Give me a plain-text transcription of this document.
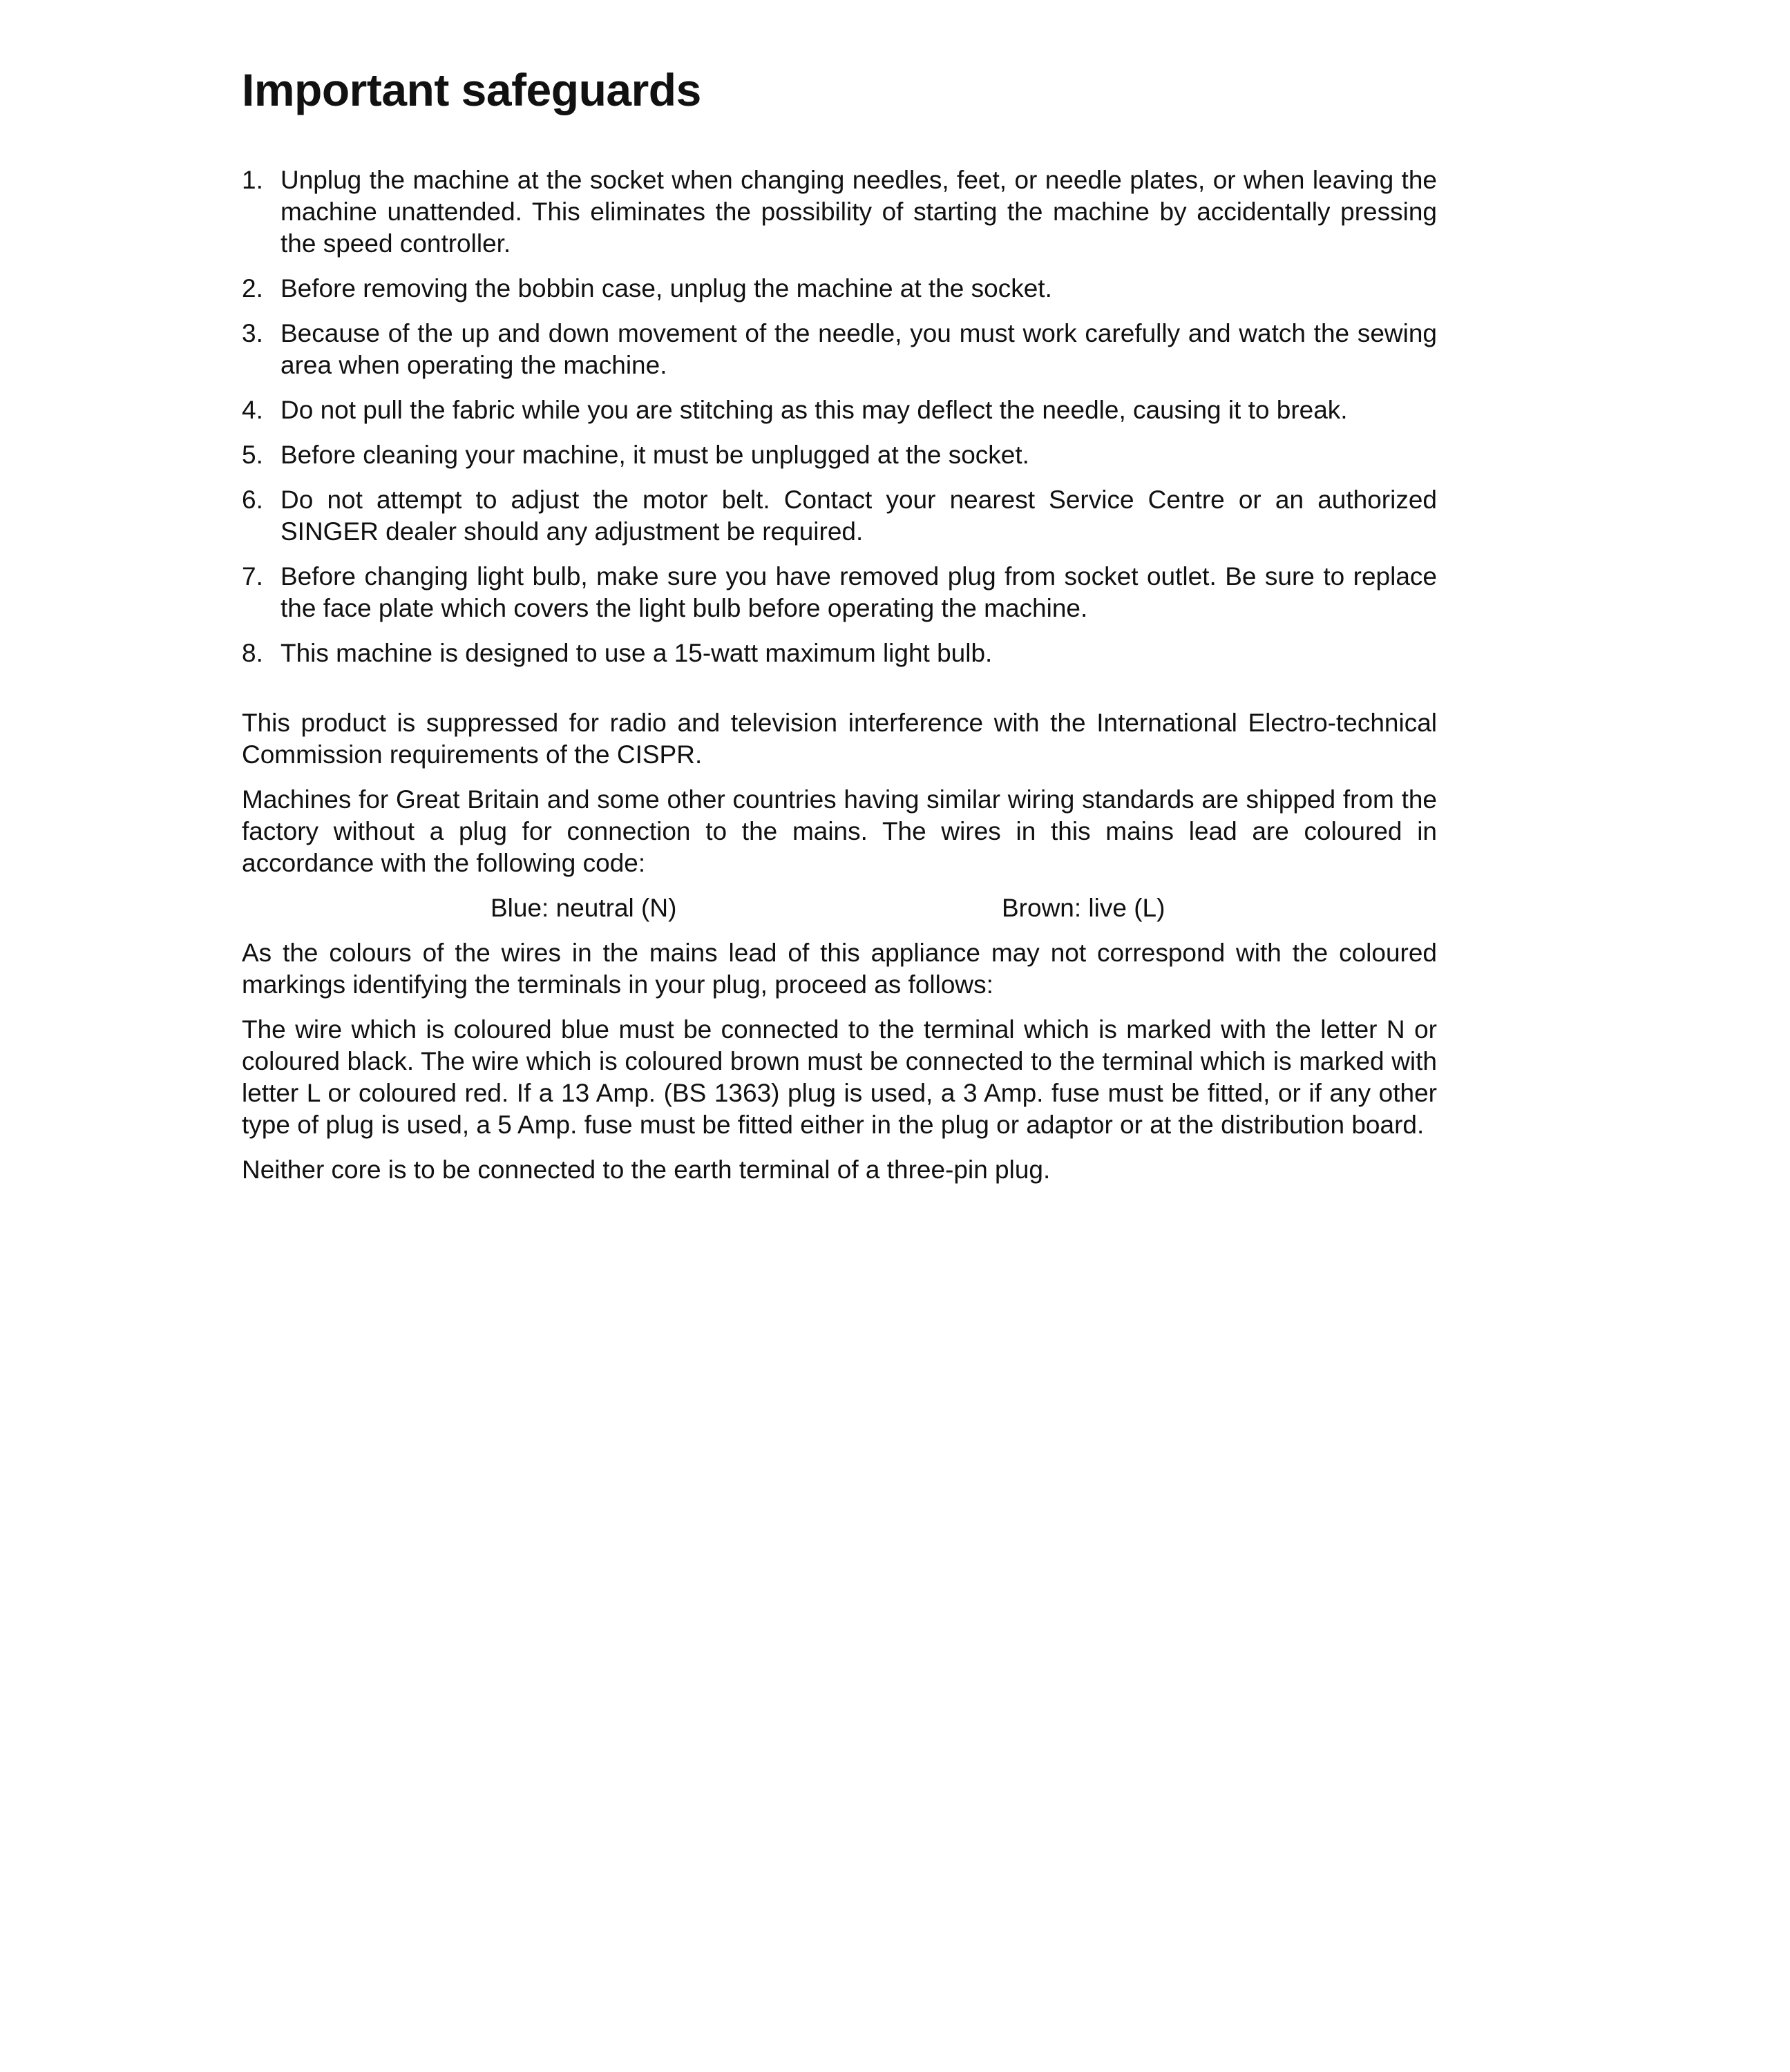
Important safeguards
1. Unplug the machine at the socket when changing needles, feet, or needle plates, or when leaving the machine unattended. This eliminates the possibility of starting the machine by accidentally pressing the speed controller.
2. Before removing the bobbin case, unplug the machine at the socket.
3. Because of the up and down movement of the needle, you must work carefully and watch the sewing area when operating the machine.
4. Do not pull the fabric while you are stitching as this may deflect the needle, causing it to break.
5. Before cleaning your machine, it must be unplugged at the socket.
6. Do not attempt to adjust the motor belt. Contact your nearest Service Centre or an authorized SINGER dealer should any adjustment be required.
7. Before changing light bulb, make sure you have removed plug from socket outlet. Be sure to replace the face plate which covers the light bulb before operating the machine.
8. This machine is designed to use a 15-watt maximum light bulb.

This product is suppressed for radio and television interference with the International Electro-technical Commission requirements of the CISPR.

Machines for Great Britain and some other countries having similar wiring standards are shipped from the factory without a plug for connection to the mains. The wires in this mains lead are coloured in accordance with the following code:

Blue: neutral (N)	Brown: live (L)

As the colours of the wires in the mains lead of this appliance may not correspond with the coloured markings identifying the terminals in your plug, proceed as follows:

The wire which is coloured blue must be connected to the terminal which is marked with the letter N or coloured black. The wire which is coloured brown must be connected to the terminal which is marked with letter L or coloured red. If a 13 Amp. (BS 1363) plug is used, a 3 Amp. fuse must be fitted, or if any other type of plug is used, a 5 Amp. fuse must be fitted either in the plug or adaptor or at the distribution board.

Neither core is to be connected to the earth terminal of a three-pin plug.
